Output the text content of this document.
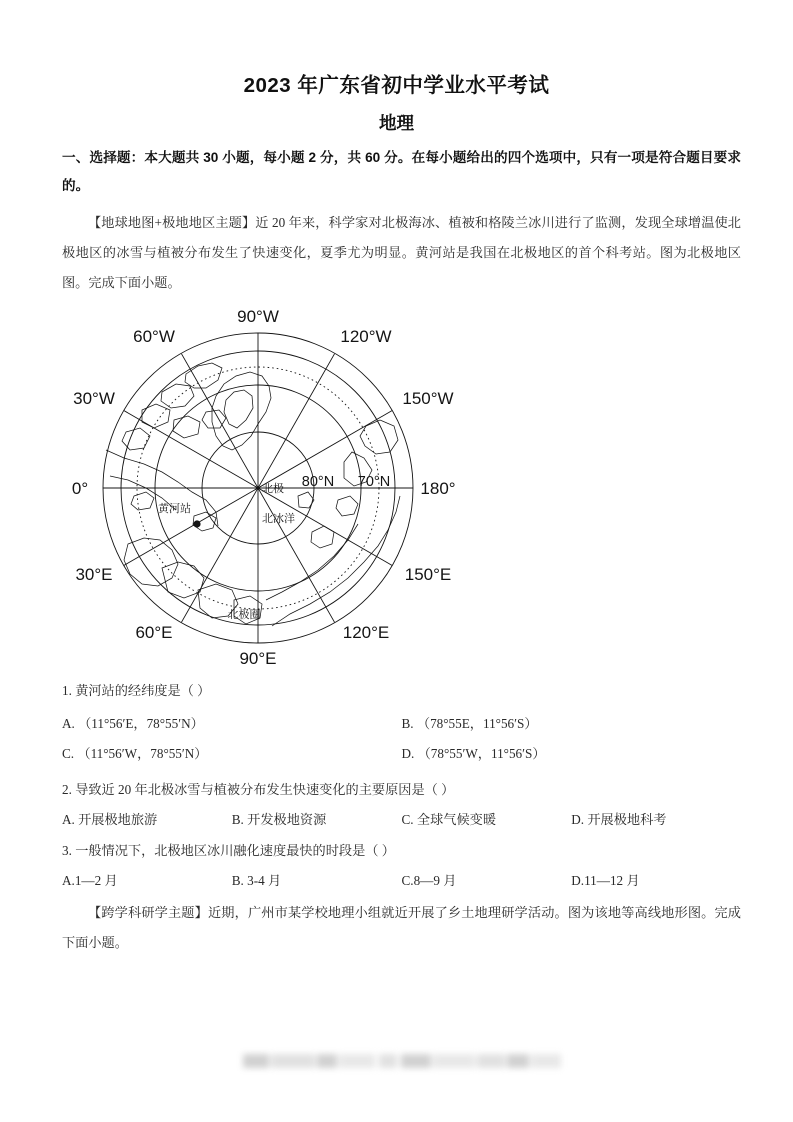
2023 年广东省初中学业水平考试
地理
一、选择题：本大题共 30 小题，每小题 2 分，共 60 分。在每小题给出的四个选项中，只有一项是符合题目要求的。
【地球地图+极地地区主题】近 20 年来，科学家对北极海冰、植被和格陵兰冰川进行了监测，发现全球增温使北极地区的冰雪与植被分布发生了快速变化，夏季尤为明显。黄河站是我国在北极地区的首个科考站。图为北极地区图。完成下面小题。
90°W
60°W	120°W
30°W	150°W
0°	180°
30°E	150°E
60°E	120°E
90°E
80°N 70°N
北极
北冰洋
黄河站
北极圈
1. 黄河站的经纬度是（ ）
A. （11°56′E，78°55′N）	B. （78°55E，11°56′S）
C. （11°56′W，78°55′N）	D. （78°55′W，11°56′S）
2. 导致近 20 年北极冰雪与植被分布发生快速变化的主要原因是（ ）
A. 开展极地旅游	B. 开发极地资源	C. 全球气候变暖	D. 开展极地科考
3. 一般情况下，北极地区冰川融化速度最快的时段是（ ）
A.1—2 月	B. 3-4 月	C.8—9 月	D.11—12 月
【跨学科研学主题】近期，广州市某学校地理小组就近开展了乡土地理研学活动。图为该地等高线地形图。完成下面小题。
